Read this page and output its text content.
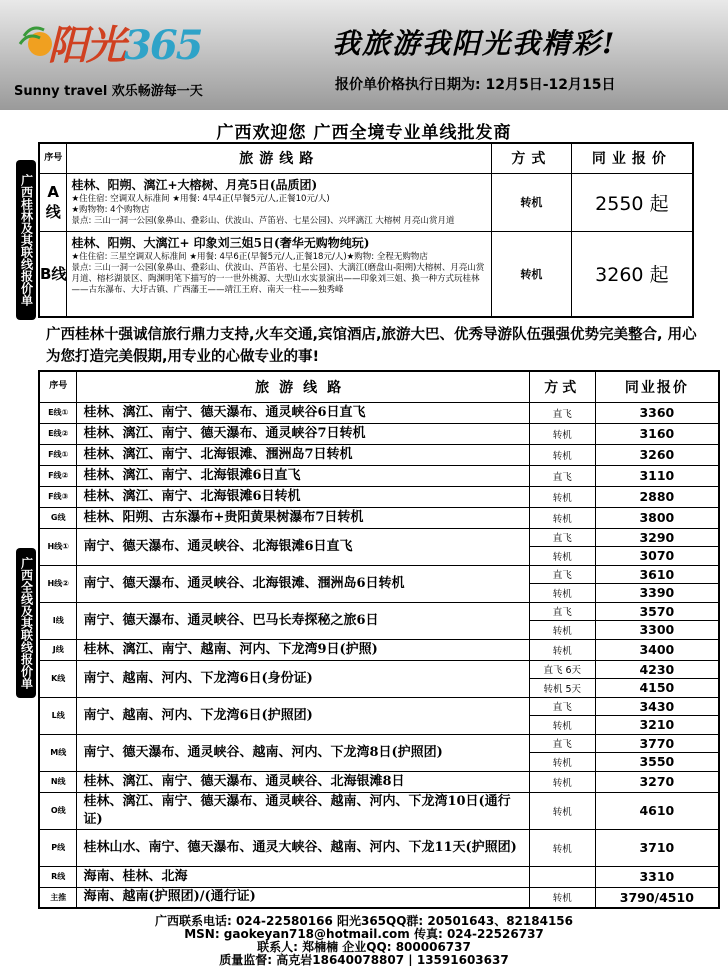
阳光365
Sunny travel 欢乐畅游每一天
我旅游我阳光我精彩!
报价单价格执行日期为: 12月5日-12月15日
广西欢迎您 广西全境专业单线批发商
广西桂林及其联线报价单
序号	旅游线路	方式	同业报价
A线	桂林、阳朔、漓江+大榕树、月亮5日(品质团)
★住住宿: 空调双人标准间 ★用餐: 4早4正(早餐5元/人,正餐10元/人)
★购物物: 4个购物店
景点: 三山一洞一公园(象鼻山、叠彩山、伏波山、芦笛岩、七星公园)、兴坪漓江 大榕树 月亮山赏月道	转机	2550 起
B线	桂林、阳朔、大漓江+ 印象刘三姐5日(奢华无购物纯玩)
★住住宿: 三星空调双人标准间 ★用餐: 4早6正(早餐5元/人,正餐18元/人)★购物: 全程无购物店
景点: 三山一洞一公园(象鼻山、叠彩山、伏波山、芦笛岩、七星公园)、大漓江(磨盘山-阳朔)大榕树、月亮山赏月道、榕杉湖景区、陶渊明笔下描写的一一世外桃源、大型山水实景演出——印象刘三姐、换一种方式玩桂林——古东瀑布、大圩古镇、广西藩王——靖江王府、南天一柱——独秀峰	转机	3260 起
广西桂林十强诚信旅行鼎力支持,火车交通,宾馆酒店,旅游大巴、优秀导游队伍强强优势完美整合, 用心为您打造完美假期,用专业的心做专业的事!
广西全线及其联线报价单
序号	旅游线路	方式	同业报价
E线①	桂林、漓江、南宁、德天瀑布、通灵峡谷6日直飞	直飞	3360
E线②	桂林、漓江、南宁、德天瀑布、通灵峡谷7日转机	转机	3160
F线①	桂林、漓江、南宁、北海银滩、涠洲岛7日转机	转机	3260
F线②	桂林、漓江、南宁、北海银滩6日直飞	直飞	3110
F线③	桂林、漓江、南宁、北海银滩6日转机	转机	2880
G线	桂林、阳朔、古东瀑布+贵阳黄果树瀑布7日转机	转机	3800
H线①	南宁、德天瀑布、通灵峡谷、北海银滩6日直飞	直飞	3290
		转机	3070
H线②	南宁、德天瀑布、通灵峡谷、北海银滩、涠洲岛6日转机	直飞	3610
		转机	3390
I线	南宁、德天瀑布、通灵峡谷、巴马长寿探秘之旅6日	直飞	3570
		转机	3300
J线	桂林、漓江、南宁、越南、河内、下龙湾9日(护照)	转机	3400
K线	南宁、越南、河内、下龙湾6日(身份证)	直飞 6天	4230
		转机 5天	4150
L线	南宁、越南、河内、下龙湾6日(护照团)	直飞	3430
		转机	3210
M线	南宁、德天瀑布、通灵峡谷、越南、河内、下龙湾8日(护照团)	直飞	3770
		转机	3550
N线	桂林、漓江、南宁、德天瀑布、通灵峡谷、北海银滩8日	转机	3270
O线	桂林、漓江、南宁、德天瀑布、通灵峡谷、越南、河内、下龙湾10日(通行证)	转机	4610
P线	桂林山水、南宁、德天瀑布、通灵大峡谷、越南、河内、下龙11天(护照团)	转机	3710
R线	海南、桂林、北海		3310
主推	海南、越南(护照团)/(通行证)	转机	3790/4510
广西联系电话: 024-22580166 阳光365QQ群: 20501643、82184156
MSN: gaokeyan718@hotmail.com 传真: 024-22526737
联系人: 郑楠楠 企业QQ: 800006737
质量监督: 高克岩18640078807 | 13591603637
